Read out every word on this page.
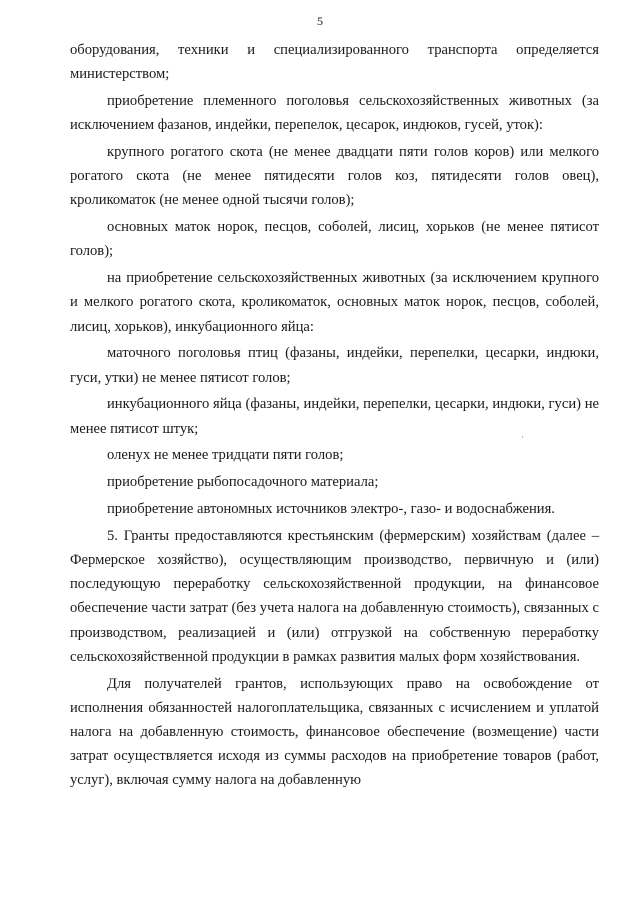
5

оборудования, техники и специализированного транспорта определяется министерством;

приобретение племенного поголовья сельскохозяйственных животных (за исключением фазанов, индейки, перепелок, цесарок, индюков, гусей, уток):

крупного рогатого скота (не менее двадцати пяти голов коров) или мелкого рогатого скота (не менее пятидесяти голов коз, пятидесяти голов овец), кроликоматок (не менее одной тысячи голов);

основных маток норок, песцов, соболей, лисиц, хорьков (не менее пятисот голов);

на приобретение сельскохозяйственных животных (за исключением крупного и мелкого рогатого скота, кроликоматок, основных маток норок, песцов, соболей, лисиц, хорьков), инкубационного яйца:

маточного поголовья птиц (фазаны, индейки, перепелки, цесарки, индюки, гуси, утки) не менее пятисот голов;

инкубационного яйца (фазаны, индейки, перепелки, цесарки, индюки, гуси) не менее пятисот штук;

оленух не менее тридцати пяти голов;

приобретение рыбопосадочного материала;

приобретение автономных источников электро-, газо- и водоснабжения.

5. Гранты предоставляются крестьянским (фермерским) хозяйствам (далее – Фермерское хозяйство), осуществляющим производство, первичную и (или) последующую переработку сельскохозяйственной продукции, на финансовое обеспечение части затрат (без учета налога на добавленную стоимость), связанных с производством, реализацией и (или) отгрузкой на собственную переработку сельскохозяйственной продукции в рамках развития малых форм хозяйствования.

Для получателей грантов, использующих право на освобождение от исполнения обязанностей налогоплательщика, связанных с исчислением и уплатой налога на добавленную стоимость, финансовое обеспечение (возмещение) части затрат осуществляется исходя из суммы расходов на приобретение товаров (работ, услуг), включая сумму налога на добавленную
